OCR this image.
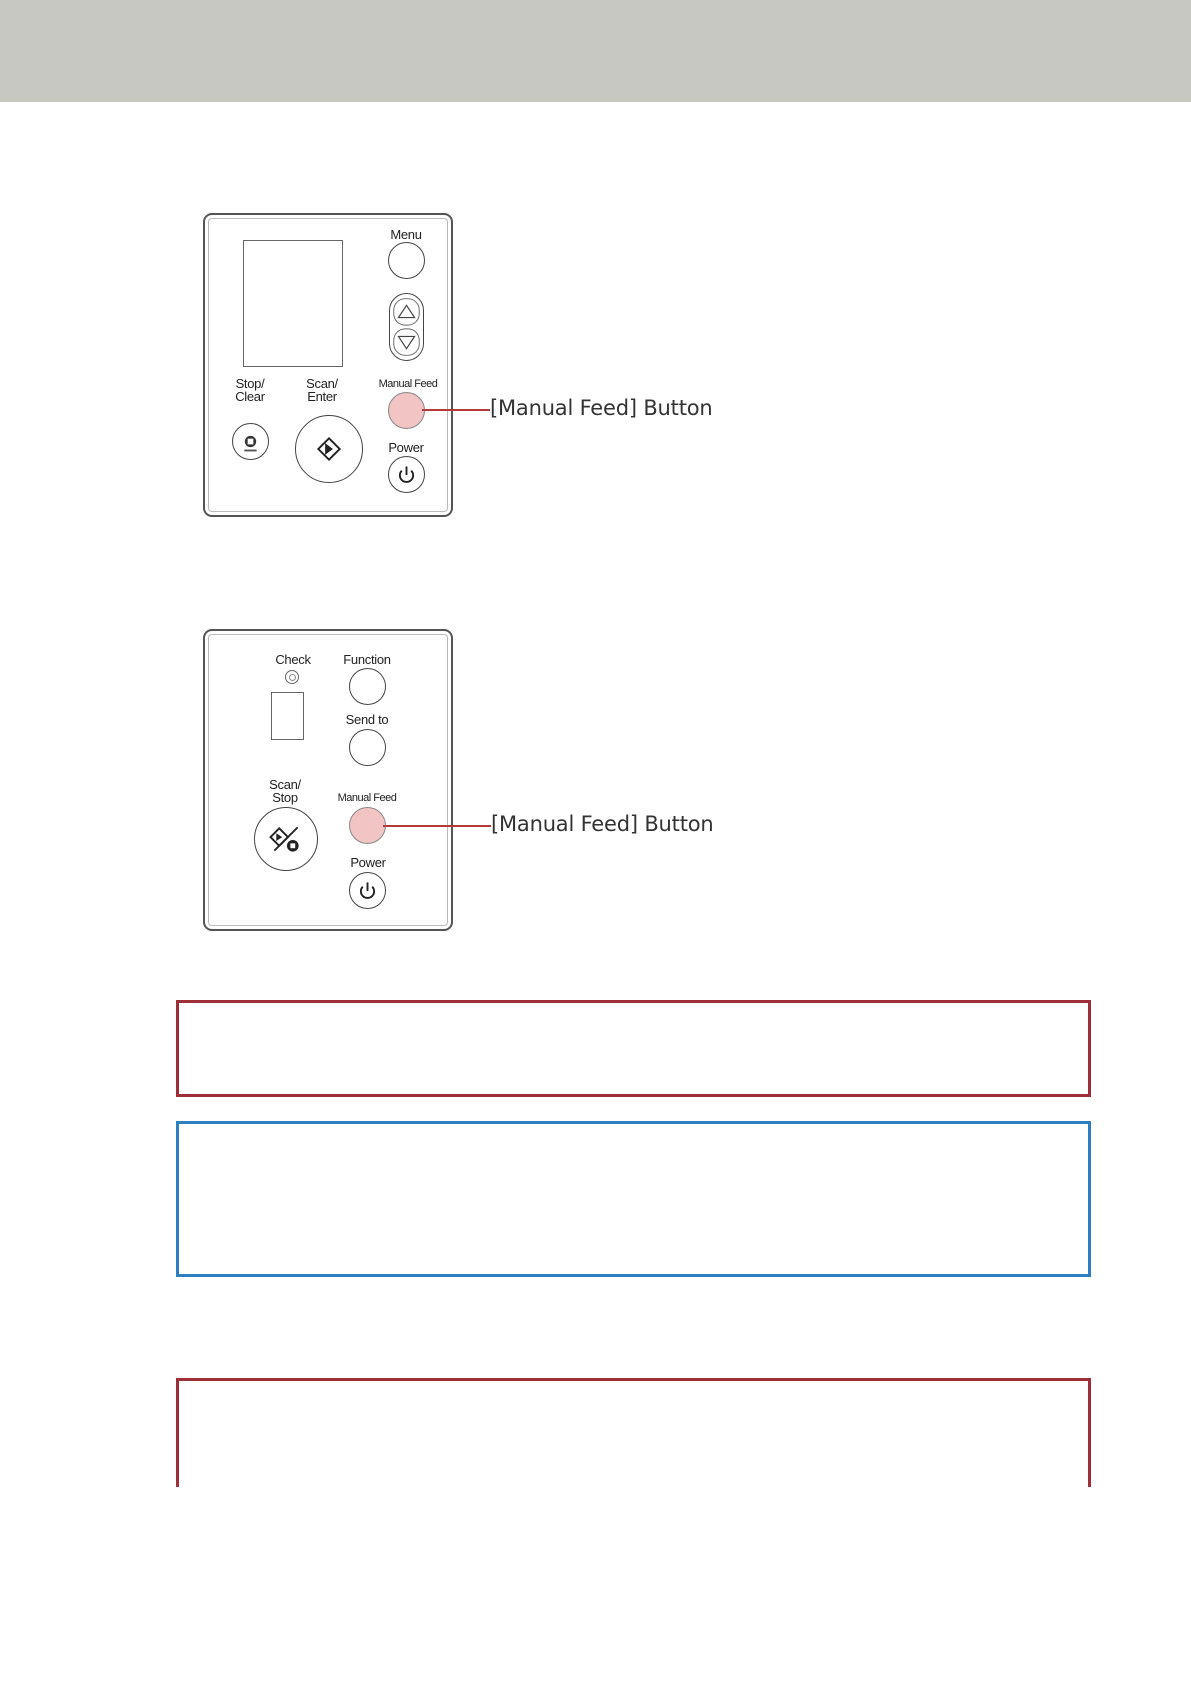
Menu
Stop/
Clear
Scan/
Enter
Manual Feed
Power
[Manual Feed] Button
Check	Function
Send to
Scan/
Stop	Manual Feed
Power
[Manual Feed] Button
